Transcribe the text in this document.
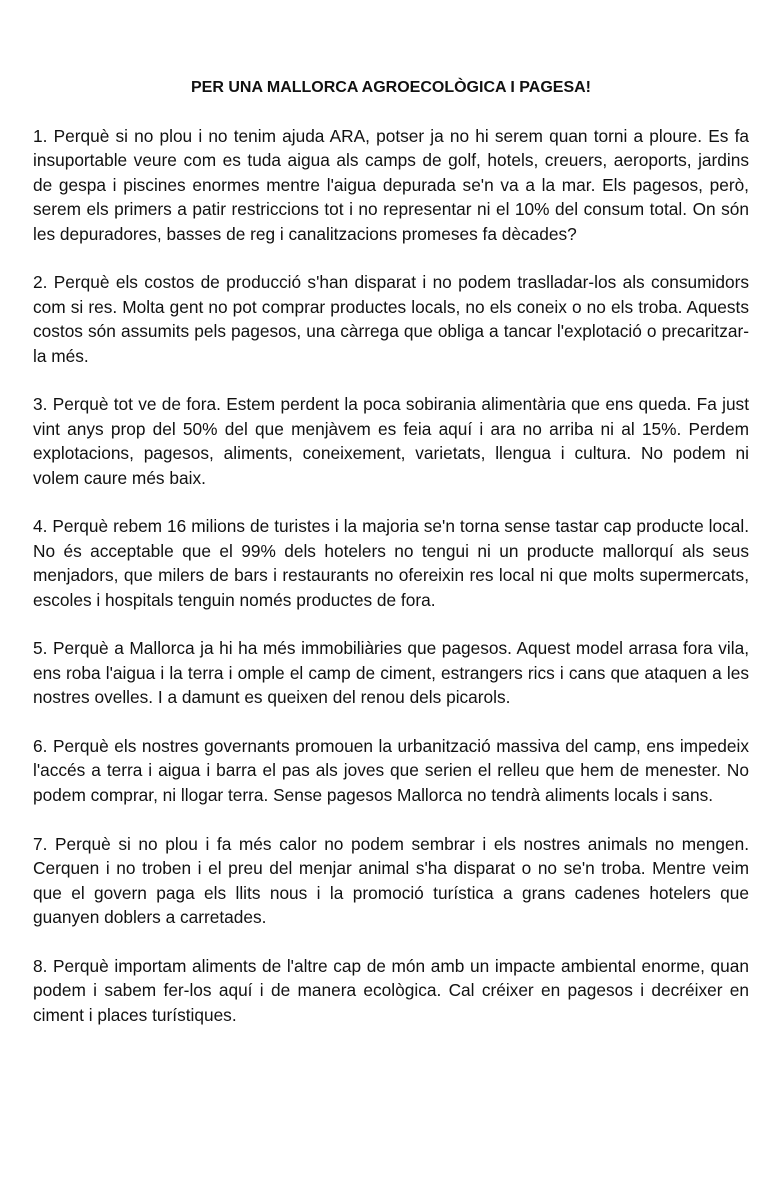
PER UNA MALLORCA AGROECOLÒGICA I PAGESA!

1. Perquè si no plou i no tenim ajuda ARA, potser ja no hi serem quan torni a ploure. Es fa insuportable veure com es tuda aigua als camps de golf, hotels, creuers, aeroports, jardins de gespa i piscines enormes mentre l'aigua depurada se'n va a la mar. Els pagesos, però, serem els primers a patir restriccions tot i no representar ni el 10% del consum total. On són les depuradores, basses de reg i canalitzacions promeses fa dècades?

2. Perquè els costos de producció s'han disparat i no podem traslladar-los als consumidors com si res. Molta gent no pot comprar productes locals, no els coneix o no els troba. Aquests costos són assumits pels pagesos, una càrrega que obliga a tancar l'explotació o precaritzar-la més.

3. Perquè tot ve de fora. Estem perdent la poca sobirania alimentària que ens queda. Fa just vint anys prop del 50% del que menjàvem es feia aquí i ara no arriba ni al 15%. Perdem explotacions, pagesos, aliments, coneixement, varietats, llengua i cultura. No podem ni volem caure més baix.

4. Perquè rebem 16 milions de turistes i la majoria se'n torna sense tastar cap producte local. No és acceptable que el 99% dels hotelers no tengui ni un producte mallorquí als seus menjadors, que milers de bars i restaurants no ofereixin res local ni que molts supermercats, escoles i hospitals tenguin només productes de fora.

5. Perquè a Mallorca ja hi ha més immobiliàries que pagesos. Aquest model arrasa fora vila, ens roba l'aigua i la terra i omple el camp de ciment, estrangers rics i cans que ataquen a les nostres ovelles. I a damunt es queixen del renou dels picarols.

6. Perquè els nostres governants promouen la urbanització massiva del camp, ens impedeix l'accés a terra i aigua i barra el pas als joves que serien el relleu que hem de menester. No podem comprar, ni llogar terra. Sense pagesos Mallorca no tendrà aliments locals i sans.

7. Perquè si no plou i fa més calor no podem sembrar i els nostres animals no mengen. Cerquen i no troben i el preu del menjar animal s'ha disparat o no se'n troba. Mentre veim que el govern paga els llits nous i la promoció turística a grans cadenes hotelers que guanyen doblers a carretades.

8. Perquè importam aliments de l'altre cap de món amb un impacte ambiental enorme, quan podem i sabem fer-los aquí i de manera ecològica. Cal créixer en pagesos i decréixer en ciment i places turístiques.
